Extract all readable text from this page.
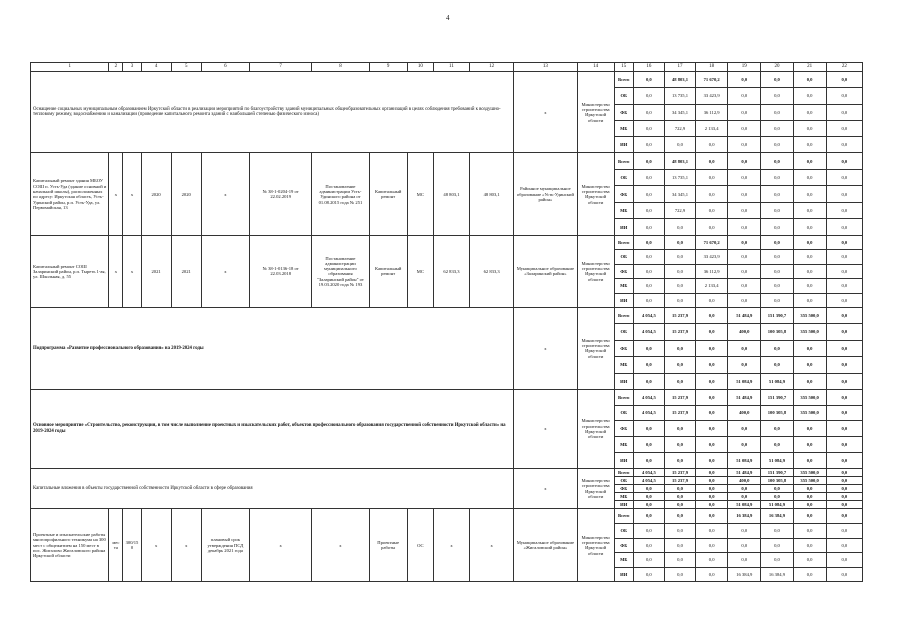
4
1	2	3	4	5	6	7	8	9	10	11	12	13	14	15	16	17	18	19	20	21	22
Оснащение социальных муниципальным образованием Иркутской области в реализации мероприятий по благоустройству зданий муниципальных общеобразовательных организаций в целях соблюдения требований к воздушно-тепловому режиму, водоснабжению и канализации (проведение капитального ремонта зданий с наибольшей степенью физического износа)												x	Министерство строительства Иркутской области	Всего	0,0	48 803,1	71 670,2	0,0	0,0	0,0	0,0
														ОБ	0,0	13 735,1	33 423,9	0,0	0,0	0,0	0,0
														ФБ	0,0	34 345,1	36 112,9	0,0	0,0	0,0	0,0
														МБ	0,0	722,9	2 133,4	0,0	0,0	0,0	0,0
														ИИ	0,0	0,0	0,0	0,0	0,0	0,0	0,0
Капитальный ремонт здания МБОУ СОШ п. Усть-Уда (здание основной и начальной школы), расположенных по адресу: Иркутская область, Усть-Удинский район, р.п. Усть-Уда, ул. Первомайская, 13	x	x	2020	2020	x	№ 38-1-0204-19 от 22.02.2019	Постановление администрации Усть-Удинского района от 01.08.2015 года № 251	Капитальный ремонт	МС	48 803,1	48 803,1	Районное муниципальное образование «Усть-Удинский район»	Министерство строительства Иркутской области	Всего	0,0	48 803,1	0,0	0,0	0,0	0,0	0,0
														ОБ	0,0	13 735,1	0,0	0,0	0,0	0,0	0,0
														ФБ	0,0	34 345,1	0,0	0,0	0,0	0,0	0,0
														МБ	0,0	722,9	0,0	0,0	0,0	0,0	0,0
														ИИ	0,0	0,0	0,0	0,0	0,0	0,0	0,0
Капитальный ремонт СОШ Заларинский район, р.п. Тыреть 1-ая, ул. Школьная, д. 55	x	x	2021	2021	x	№ 38-1-0136-18 от 22.03.2018	Постановление администрации муниципального образования "Заларинский район" от 19.03.2020 года № 193	Капитальный ремонт	МС	62 833,3	62 833,3	Муниципальное образование «Заларинский район»	Министерство строительства Иркутской области	Всего	0,0	0,0	71 670,2	0,0	0,0	0,0	0,0
														ОБ	0,0	0,0	33 423,9	0,0	0,0	0,0	0,0
														ФБ	0,0	0,0	36 112,9	0,0	0,0	0,0	0,0
														МБ	0,0	0,0	2 133,4	0,0	0,0	0,0	0,0
														ИИ	0,0	0,0	0,0	0,0	0,0	0,0	0,0
Подпрограмма «Развитие профессионального образования» на 2019-2024 годы												x	Министерство строительства Иркутской области	Всего	4 054,5	15 237,9	0,0	51 484,9	151 390,7	355 500,0	0,0
														ОБ	4 054,5	15 237,9	0,0	400,0	100 305,8	355 500,0	0,0
														ФБ	0,0	0,0	0,0	0,0	0,0	0,0	0,0
														МБ	0,0	0,0	0,0	0,0	0,0	0,0	0,0
														ИИ	0,0	0,0	0,0	51 084,9	51 084,9	0,0	0,0
Основное мероприятие «Строительство, реконструкция, в том числе выполнение проектных и изыскательских работ, объектов профессионального образования государственной собственности Иркутской области» на 2019-2024 годы												x	Министерство строительства Иркутской области	Всего	4 054,5	15 237,9	0,0	51 484,9	151 390,7	355 500,0	0,0
														ОБ	4 054,5	15 237,9	0,0	400,0	100 305,8	355 500,0	0,0
														ФБ	0,0	0,0	0,0	0,0	0,0	0,0	0,0
														МБ	0,0	0,0	0,0	0,0	0,0	0,0	0,0
														ИИ	0,0	0,0	0,0	51 084,9	51 084,9	0,0	0,0
Капитальные вложения в объекты государственной собственности Иркутской области в сфере образования												x	Министерство строительства Иркутской области	Всего	4 054,5	15 237,9	0,0	51 484,9	151 390,7	355 500,0	0,0
														ОБ	4 054,5	15 237,9	0,0	400,0	100 305,8	355 500,0	0,0
														ФБ	0,0	0,0	0,0	0,0	0,0	0,0	0,0
														МБ	0,0	0,0	0,0	0,0	0,0	0,0	0,0
														ИИ	0,0	0,0	0,0	51 084,9	51 084,9	0,0	0,0
Проектные и изыскательские работы многопрофильного техникума на 300 мест с общежитием на 150 мест в пос. Жигалово Жигаловского района Иркутской области	места	300/150	x	x	плановый срок утверждения ПСД декабрь 2021 года	x	x	Проектные работы	ОС	x	x	Муниципальное образование «Жигаловский район»	Министерство строительства Иркутской области	Всего	0,0	0,0	0,0	16 384,9	16 384,9	0,0	0,0
														ОБ	0,0	0,0	0,0	0,0	0,0	0,0	0,0
														ФБ	0,0	0,0	0,0	0,0	0,0	0,0	0,0
														МБ	0,0	0,0	0,0	0,0	0,0	0,0	0,0
														ИИ	0,0	0,0	0,0	16 384,9	16 384,9	0,0	0,0
